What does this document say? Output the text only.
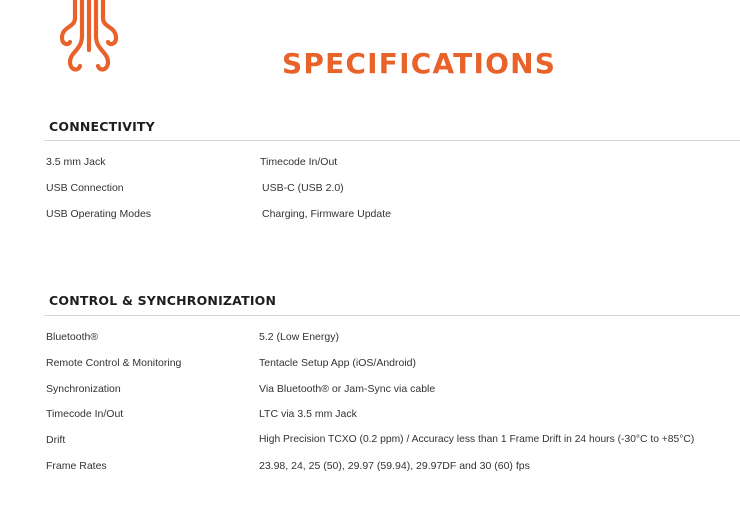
SPECIFICATIONS
CONNECTIVITY
3.5 mm Jack	Timecode In/Out
USB Connection	USB-C (USB 2.0)
USB Operating Modes	Charging, Firmware Update
CONTROL & SYNCHRONIZATION
Bluetooth®	5.2 (Low Energy)
Remote Control & Monitoring	Tentacle Setup App (iOS/Android)
Synchronization	Via Bluetooth® or Jam-Sync via cable
Timecode In/Out	LTC via 3.5 mm Jack
Drift	High Precision TCXO (0.2 ppm) / Accuracy less than 1 Frame Drift in 24 hours (-30°C to +85°C)
Frame Rates	23.98, 24, 25 (50), 29.97 (59.94), 29.97DF and 30 (60) fps
